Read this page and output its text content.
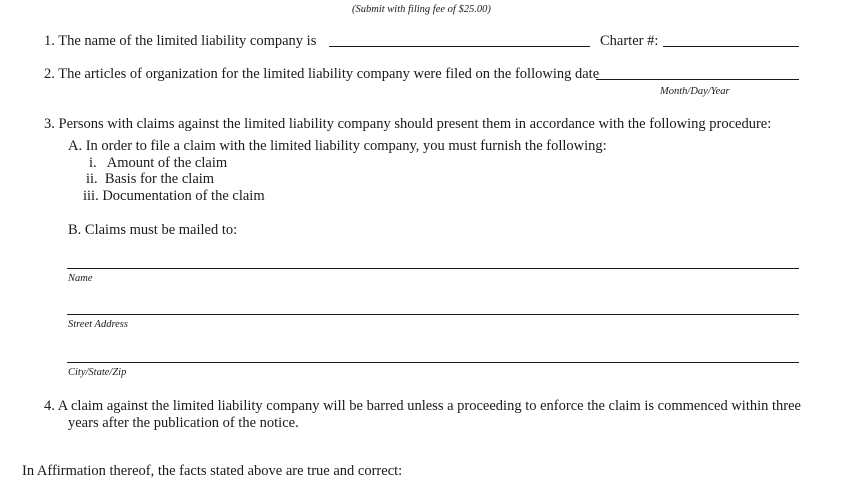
(Submit with filing fee of $25.00)
1. The name of the limited liability company is	Charter #:
2. The articles of organization for the limited liability company were filed on the following date
Month/Day/Year
3. Persons with claims against the limited liability company should present them in accordance with the following procedure:
A. In order to file a claim with the limited liability company, you must furnish the following:
i.   Amount of the claim
ii.  Basis for the claim
iii. Documentation of the claim
B. Claims must be mailed to:
Name
Street Address
City/State/Zip
4. A claim against the limited liability company will be barred unless a proceeding to enforce the claim is commenced within three
years after the publication of the notice.
In Affirmation thereof, the facts stated above are true and correct:
